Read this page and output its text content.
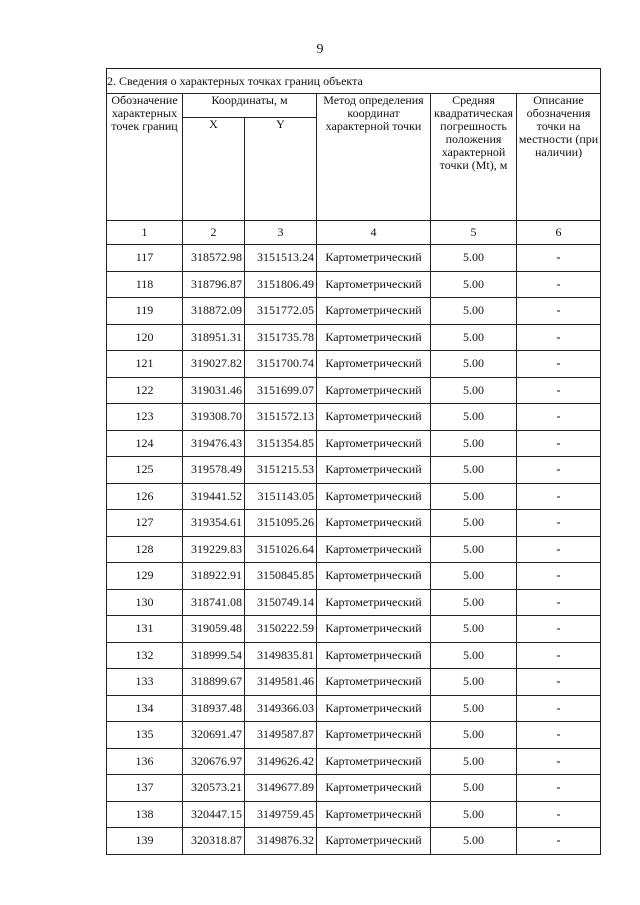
9
2. Сведения о характерных точках границ объекта					
Обозначение характерных точек границ	Координаты, м		Метод определения координат характерной точки	Средняя квадратическая погрешность положения характерной точки (Mt), м	Описание обозначения точки на местности (при наличии)
	X	Y			
1	2	3	4	5	6
117	318572.98	3151513.24	Картометрический	5.00	-
118	318796.87	3151806.49	Картометрический	5.00	-
119	318872.09	3151772.05	Картометрический	5.00	-
120	318951.31	3151735.78	Картометрический	5.00	-
121	319027.82	3151700.74	Картометрический	5.00	-
122	319031.46	3151699.07	Картометрический	5.00	-
123	319308.70	3151572.13	Картометрический	5.00	-
124	319476.43	3151354.85	Картометрический	5.00	-
125	319578.49	3151215.53	Картометрический	5.00	-
126	319441.52	3151143.05	Картометрический	5.00	-
127	319354.61	3151095.26	Картометрический	5.00	-
128	319229.83	3151026.64	Картометрический	5.00	-
129	318922.91	3150845.85	Картометрический	5.00	-
130	318741.08	3150749.14	Картометрический	5.00	-
131	319059.48	3150222.59	Картометрический	5.00	-
132	318999.54	3149835.81	Картометрический	5.00	-
133	318899.67	3149581.46	Картометрический	5.00	-
134	318937.48	3149366.03	Картометрический	5.00	-
135	320691.47	3149587.87	Картометрический	5.00	-
136	320676.97	3149626.42	Картометрический	5.00	-
137	320573.21	3149677.89	Картометрический	5.00	-
138	320447.15	3149759.45	Картометрический	5.00	-
139	320318.87	3149876.32	Картометрический	5.00	-
